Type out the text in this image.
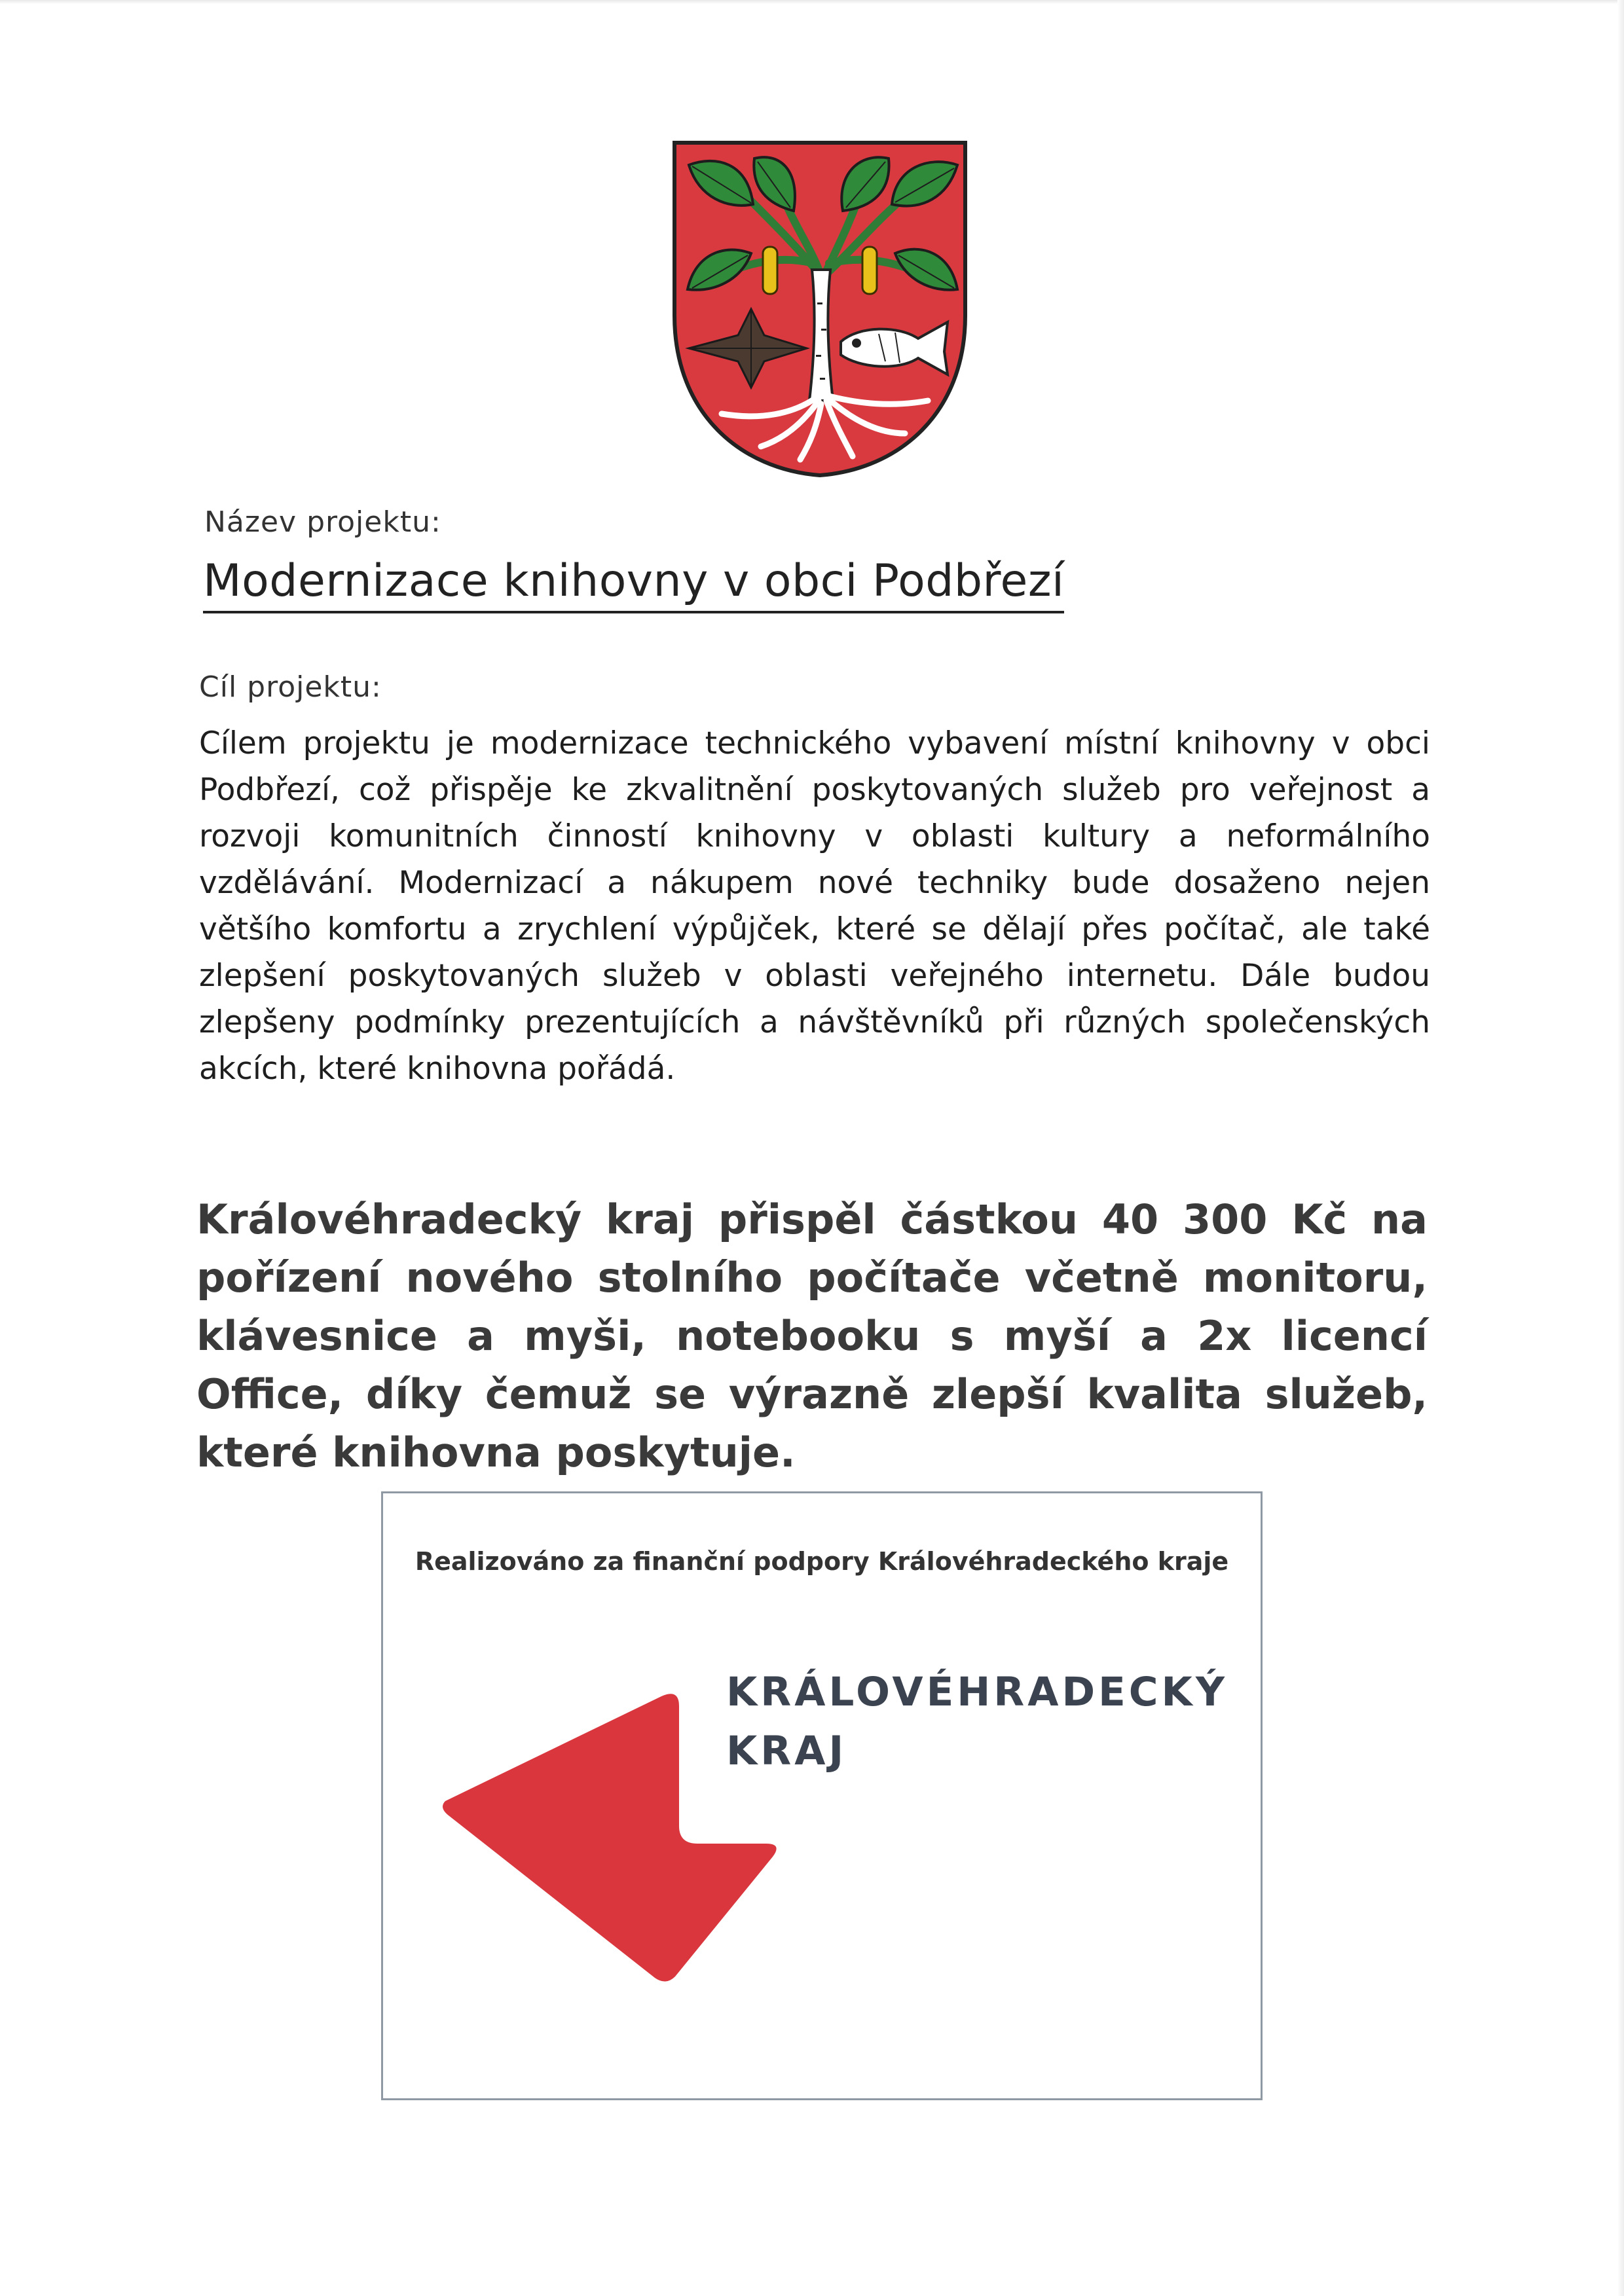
Název projektu:
Modernizace knihovny v obci Podbřezí
Cíl projektu:

Cílem projektu je modernizace technického vybavení místní knihovny v obci Podbřezí, což přispěje ke zkvalitnění poskytovaných služeb pro veřejnost a rozvoji komunitních činností knihovny v oblasti kultury a neformálního vzdělávání. Modernizací a nákupem nové techniky bude dosaženo nejen většího komfortu a zrychlení výpůjček, které se dělají přes počítač, ale také zlepšení poskytovaných služeb v oblasti veřejného internetu. Dále budou zlepšeny podmínky prezentujících a návštěvníků při různých společenských akcích, které knihovna pořádá.

Královéhradecký kraj přispěl částkou 40 300 Kč na pořízení nového stolního počítače včetně monitoru, klávesnice a myši, notebooku s myší a 2x licencí Office, díky čemuž se výrazně zlepší kvalita služeb, které knihovna poskytuje.

Realizováno za finanční podpory Královéhradeckého kraje
KRÁLOVÉHRADECKÝ
KRAJ
